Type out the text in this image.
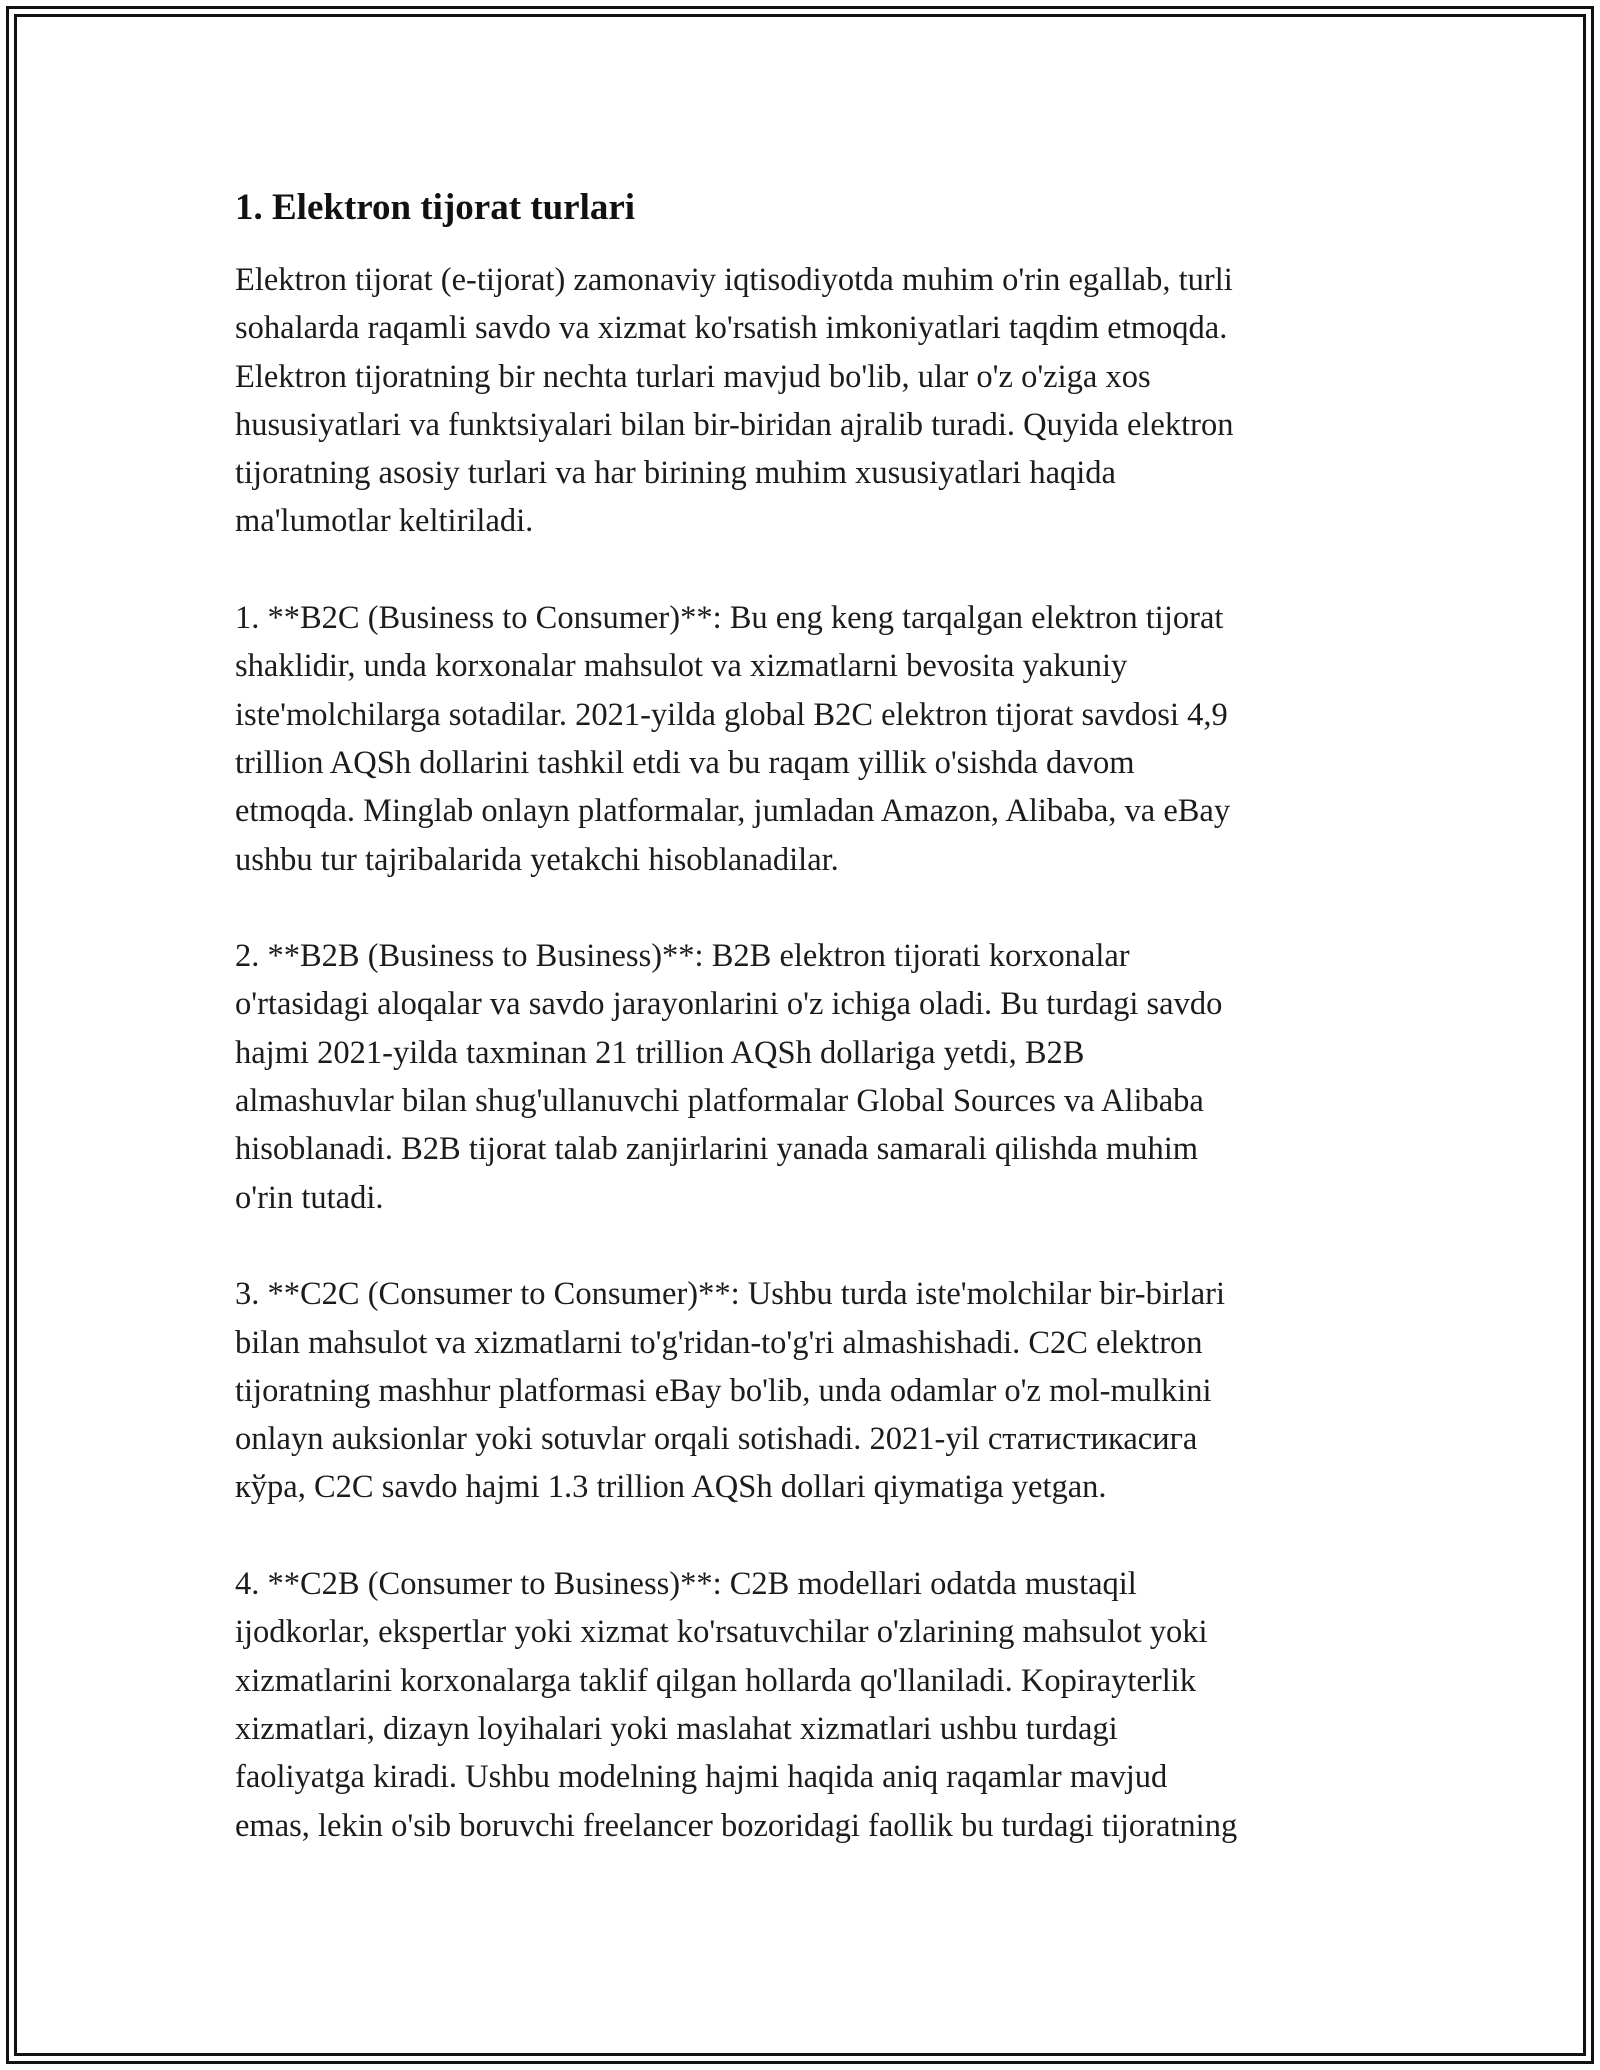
1. Elektron tijorat turlari

Elektron tijorat (e-tijorat) zamonaviy iqtisodiyotda muhim o'rin egallab, turli
sohalarda raqamli savdo va xizmat ko'rsatish imkoniyatlari taqdim etmoqda.
Elektron tijoratning bir nechta turlari mavjud bo'lib, ular o'z o'ziga xos
hususiyatlari va funktsiyalari bilan bir-biridan ajralib turadi. Quyida elektron
tijoratning asosiy turlari va har birining muhim xususiyatlari haqida
ma'lumotlar keltiriladi.

1. **B2C (Business to Consumer)**: Bu eng keng tarqalgan elektron tijorat
shaklidir, unda korxonalar mahsulot va xizmatlarni bevosita yakuniy
iste'molchilarga sotadilar. 2021-yilda global B2C elektron tijorat savdosi 4,9
trillion AQSh dollarini tashkil etdi va bu raqam yillik o'sishda davom
etmoqda. Minglab onlayn platformalar, jumladan Amazon, Alibaba, va eBay
ushbu tur tajribalarida yetakchi hisoblanadilar.

2. **B2B (Business to Business)**: B2B elektron tijorati korxonalar
o'rtasidagi aloqalar va savdo jarayonlarini o'z ichiga oladi. Bu turdagi savdo
hajmi 2021-yilda taxminan 21 trillion AQSh dollariga yetdi, B2B
almashuvlar bilan shug'ullanuvchi platformalar Global Sources va Alibaba
hisoblanadi. B2B tijorat talab zanjirlarini yanada samarali qilishda muhim
o'rin tutadi.

3. **C2C (Consumer to Consumer)**: Ushbu turda iste'molchilar bir-birlari
bilan mahsulot va xizmatlarni to'g'ridan-to'g'ri almashishadi. C2C elektron
tijoratning mashhur platformasi eBay bo'lib, unda odamlar o'z mol-mulkini
onlayn auksionlar yoki sotuvlar orqali sotishadi. 2021-yil статистикасига
кўра, C2C savdo hajmi 1.3 trillion AQSh dollari qiymatiga yetgan.

4. **C2B (Consumer to Business)**: C2B modellari odatda mustaqil
ijodkorlar, ekspertlar yoki xizmat ko'rsatuvchilar o'zlarining mahsulot yoki
xizmatlarini korxonalarga taklif qilgan hollarda qo'llaniladi. Kopirayterlik
xizmatlari, dizayn loyihalari yoki maslahat xizmatlari ushbu turdagi
faoliyatga kiradi. Ushbu modelning hajmi haqida aniq raqamlar mavjud
emas, lekin o'sib boruvchi freelancer bozoridagi faollik bu turdagi tijoratning
